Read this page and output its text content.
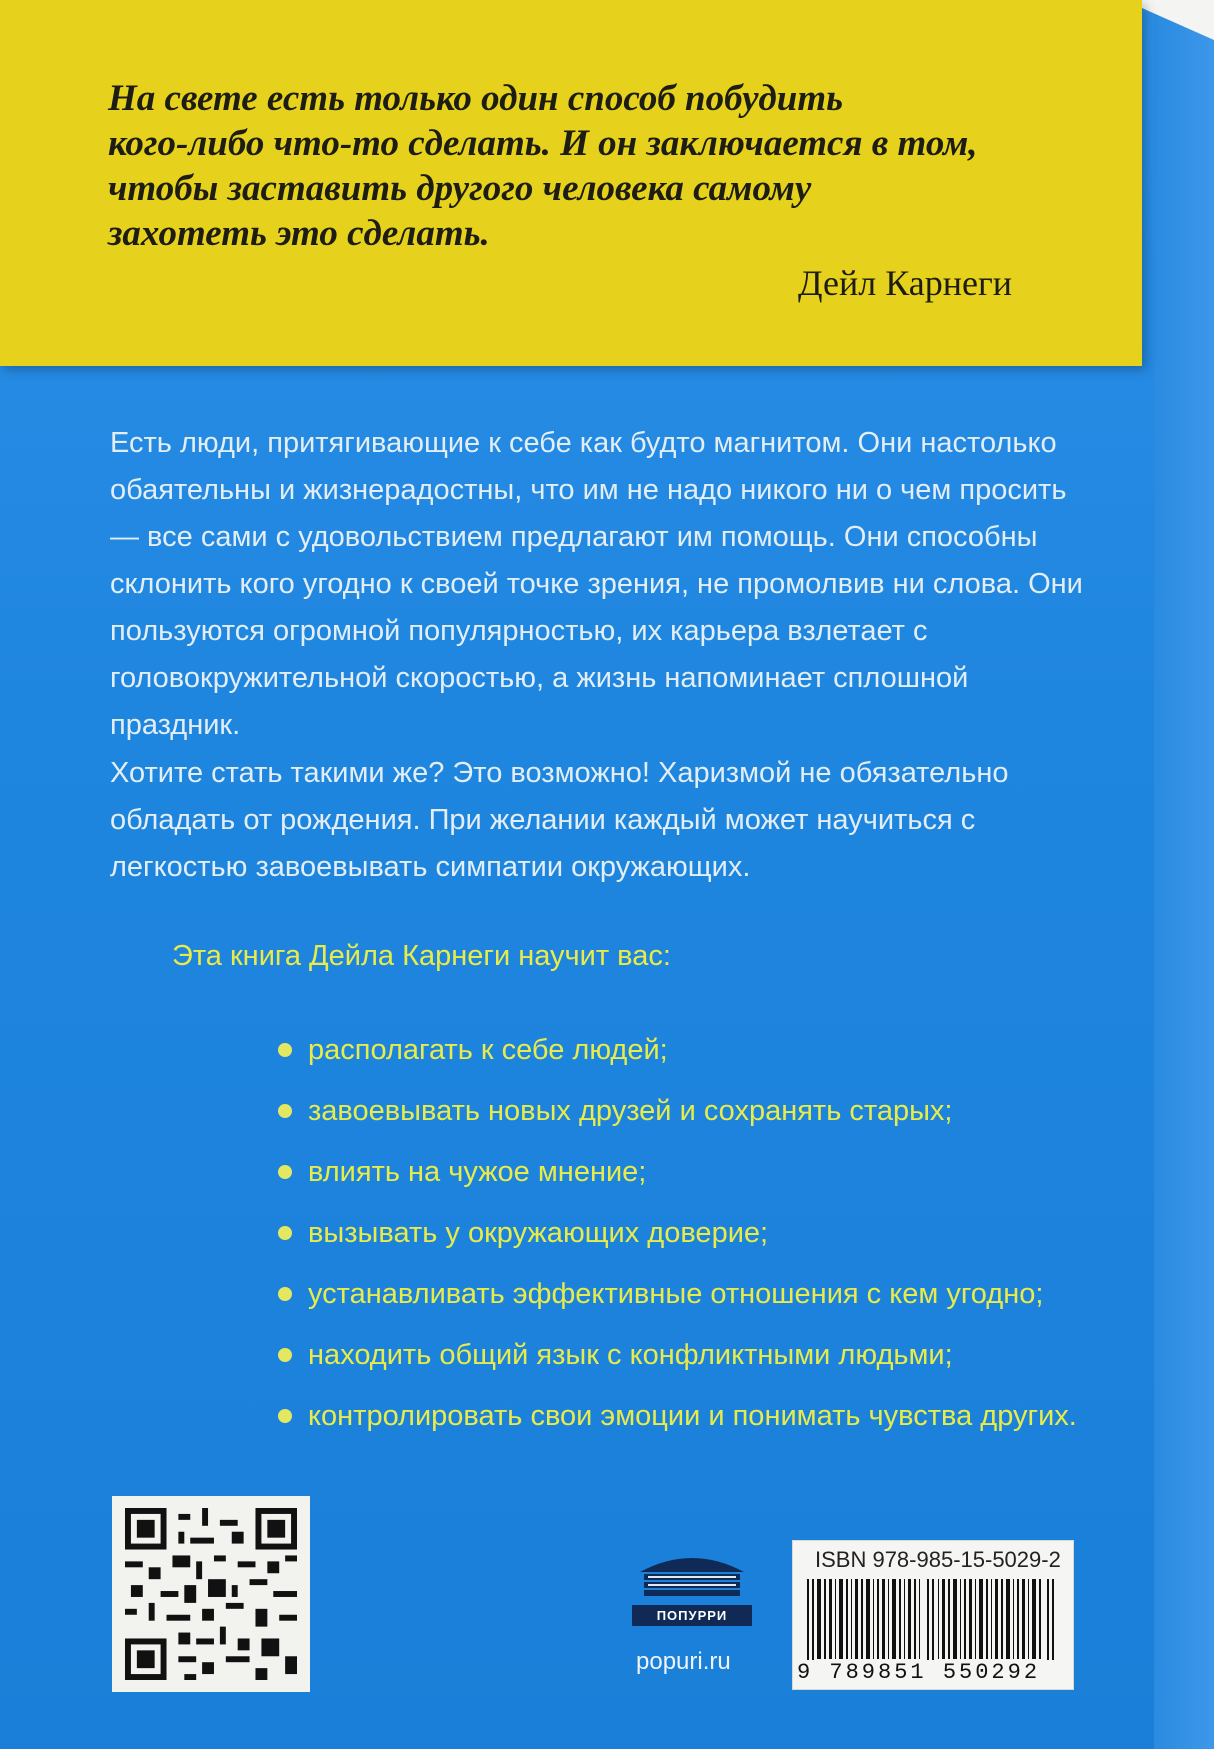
На свете есть только один способ побудить
кого-либо что-то сделать. И он заключается в том,
чтобы заставить другого человека самому
захотеть это сделать.

Дейл Карнеги

Есть люди, притягивающие к себе как будто магнитом. Они настолько обаятельны и жизнерадостны, что им не надо никого ни о чем просить — все сами с удовольствием предлагают им помощь. Они способны склонить кого угодно к своей точке зрения, не промолвив ни слова. Они пользуются огромной популярностью, их карьера взлетает с головокружительной скоростью, а жизнь напоминает сплошной праздник.

Хотите стать такими же? Это возможно! Харизмой не обязательно обладать от рождения. При желании каждый может научиться с легкостью завоевывать симпатии окружающих.

Эта книга Дейла Карнеги научит вас:
располагать к себе людей;
завоевывать новых друзей и сохранять старых;
влиять на чужое мнение;
вызывать у окружающих доверие;
устанавливать эффективные отношения с кем угодно;
находить общий язык с конфликтными людьми;
контролировать свои эмоции и понимать чувства других.
ПОПУРРИ
popuri.ru
ISBN 978-985-15-5029-2
9 789851 550292
